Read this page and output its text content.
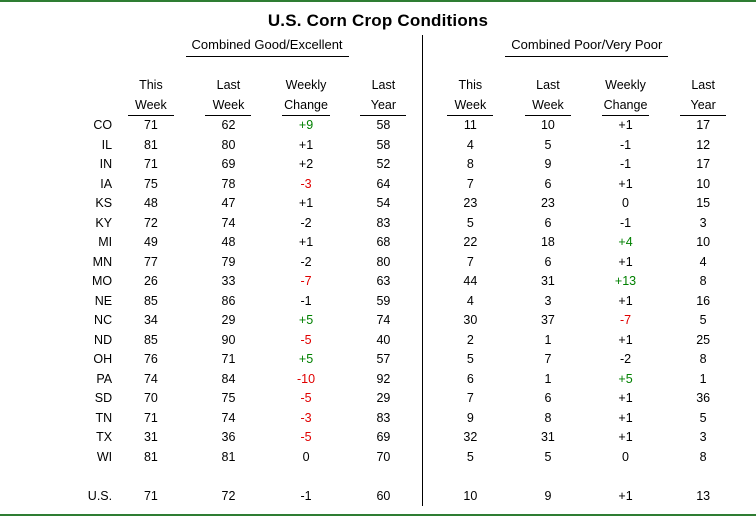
U.S. Corn Crop Conditions
	Combined Good/Excellent					Combined Poor/Very Poor			

	This	Last	Weekly	Last		This	Last	Weekly	Last
	Week	Week	Change	Year		Week	Week	Change	Year
CO	71	62	+9	58		11	10	+1	17
IL	81	80	+1	58		4	5	-1	12
IN	71	69	+2	52		8	9	-1	17
IA	75	78	-3	64		7	6	+1	10
KS	48	47	+1	54		23	23	0	15
KY	72	74	-2	83		5	6	-1	3
MI	49	48	+1	68		22	18	+4	10
MN	77	79	-2	80		7	6	+1	4
MO	26	33	-7	63		44	31	+13	8
NE	85	86	-1	59		4	3	+1	16
NC	34	29	+5	74		30	37	-7	5
ND	85	90	-5	40		2	1	+1	25
OH	76	71	+5	57		5	7	-2	8
PA	74	84	-10	92		6	1	+5	1
SD	70	75	-5	29		7	6	+1	36
TN	71	74	-3	83		9	8	+1	5
TX	31	36	-5	69		32	31	+1	3
WI	81	81	0	70		5	5	0	8

U.S.	71	72	-1	60		10	9	+1	13
